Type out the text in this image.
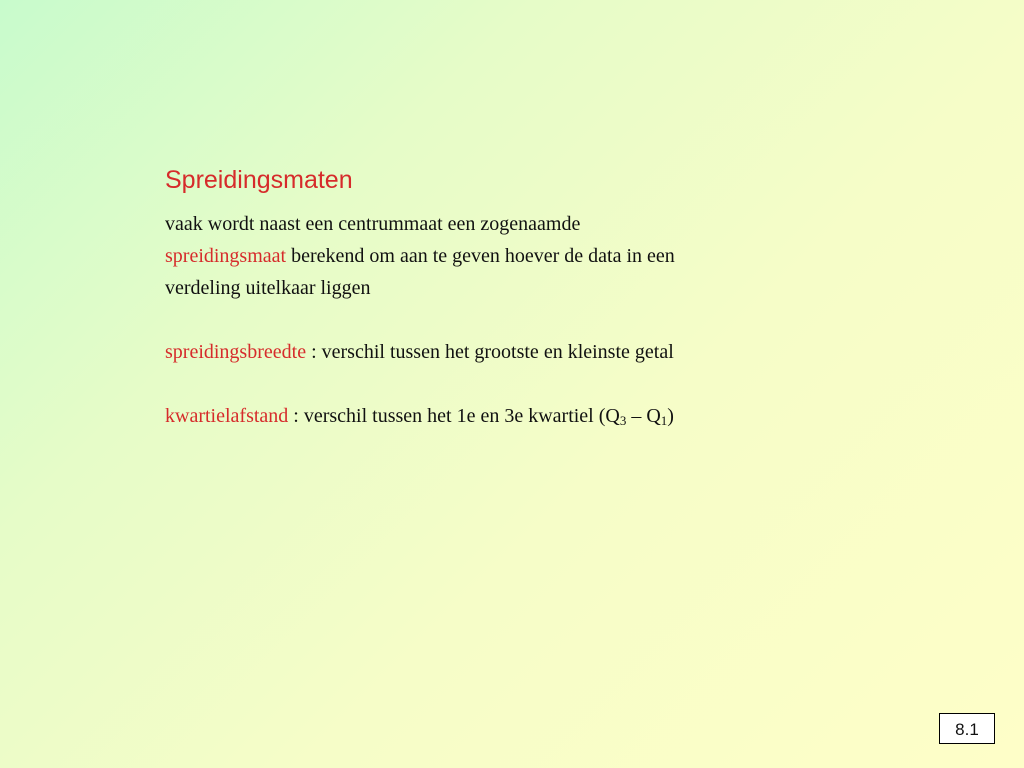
Spreidingsmaten
vaak wordt naast een centrummaat een zogenaamde
spreidingsmaat berekend om aan te geven hoever de data in een
verdeling uitelkaar liggen
spreidingsbreedte : verschil tussen het grootste en kleinste getal
kwartielafstand : verschil tussen het 1e en 3e kwartiel $(Q_3 - Q_1)$
8.1
